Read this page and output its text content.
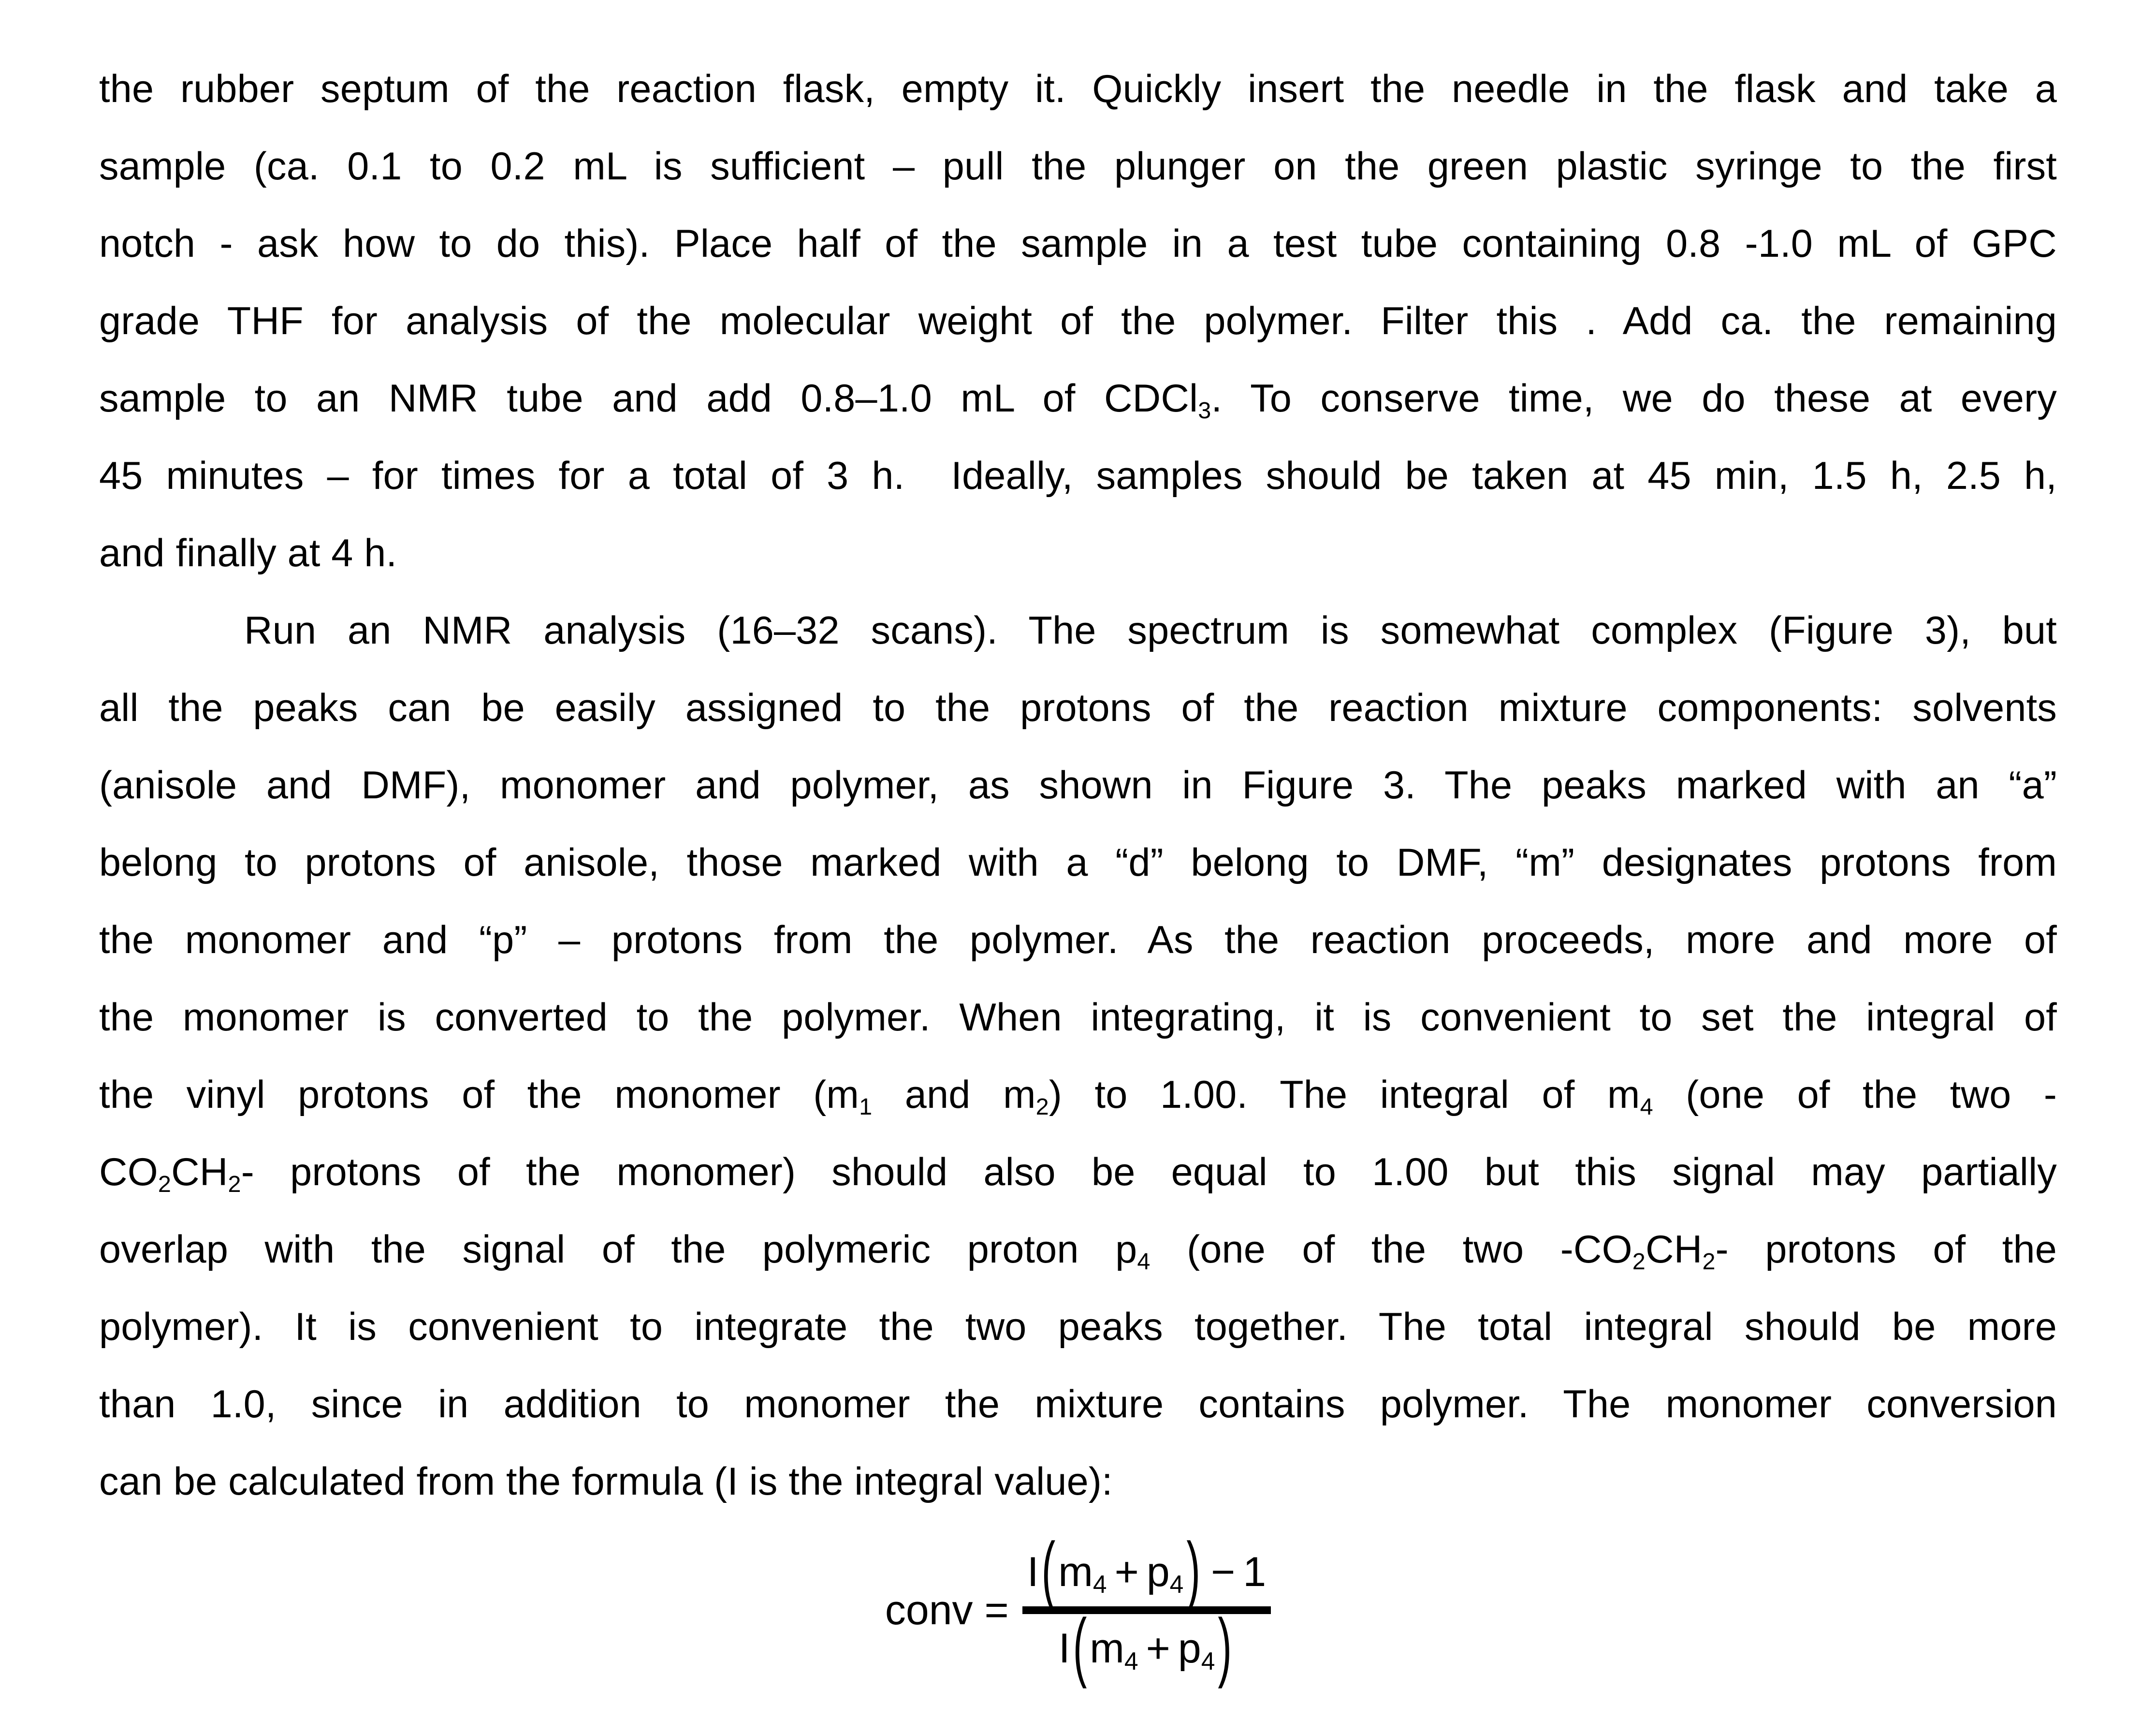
the rubber septum of the reaction flask, empty it. Quickly insert the needle in the flask and take a
sample (ca. 0.1 to 0.2 mL is sufficient – pull the plunger on the green plastic syringe to the first
notch - ask how to do this). Place half of the sample in a test tube containing 0.8 -1.0 mL of GPC
grade THF for analysis of the molecular weight of the polymer. Filter this . Add ca. the remaining
sample to an NMR tube and add 0.8–1.0 mL of CDCl$_3$. To conserve time, we do these at every
45 minutes – for times for a total of 3 h.  Ideally, samples should be taken at 45 min, 1.5 h, 2.5 h,
and finally at 4 h.
Run an NMR analysis (16–32 scans). The spectrum is somewhat complex (Figure 3), but
all the peaks can be easily assigned to the protons of the reaction mixture components: solvents
(anisole and DMF), monomer and polymer, as shown in Figure 3. The peaks marked with an “a”
belong to protons of anisole, those marked with a “d” belong to DMF, “m” designates protons from
the monomer and “p” – protons from the polymer. As the reaction proceeds, more and more of
the monomer is converted to the polymer. When integrating, it is convenient to set the integral of
the vinyl protons of the monomer ($m_1$ and $m_2$) to 1.00. The integral of $m_4$ (one of the two -
$CO_2CH_2-$ protons of the monomer) should also be equal to 1.00 but this signal may partially
overlap with the signal of the polymeric proton $p_4$ (one of the two $-CO_2CH_2-$ protons of the
polymer). It is convenient to integrate the two peaks together. The total integral should be more
than 1.0, since in addition to monomer the mixture contains polymer. The monomer conversion
can be calculated from the formula (I is the integral value):
conv =
$I(m_4 + p_4) - 1$
$I(m_4 + p_4)$
